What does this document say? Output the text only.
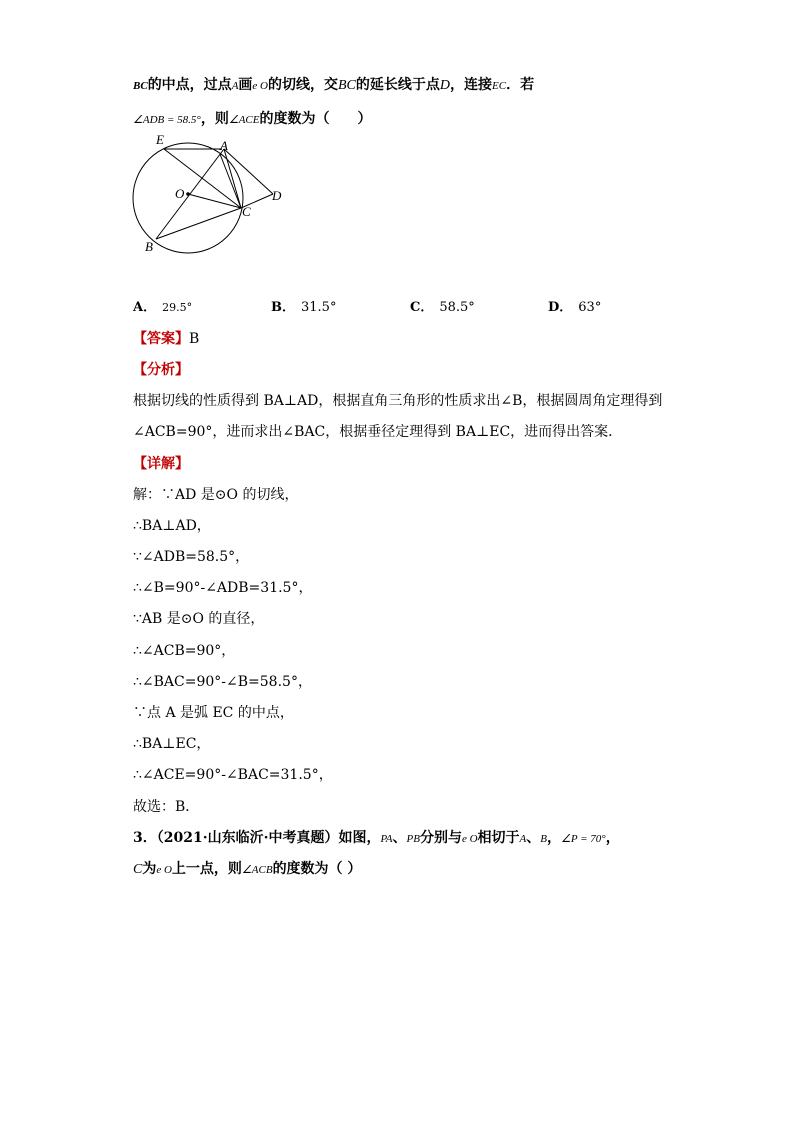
BC的中点，过点A画e O的切线，交BC的延长线于点D，连接EC．若
∠ADB = 58.5°，则∠ACE的度数为（　　）
E	A
O	D
C
B
A． 29.5°	B． 31.5°	C． 58.5°	D． 63°
【答案】B
【分析】
根据切线的性质得到 BA⊥AD，根据直角三角形的性质求出∠B，根据圆周角定理得到
∠ACB=90°，进而求出∠BAC，根据垂径定理得到 BA⊥EC，进而得出答案．
【详解】
解：∵AD 是⊙O 的切线，
∴BA⊥AD，
∵∠ADB=58.5°，
∴∠B=90°-∠ADB=31.5°，
∵AB 是⊙O 的直径，
∴∠ACB=90°，
∴∠BAC=90°-∠B=58.5°，
∵点 A 是弧 EC 的中点，
∴BA⊥EC，
∴∠ACE=90°-∠BAC=31.5°，
故选：B．
3．（2021·山东临沂·中考真题）如图，PA、PB分别与e O相切于A、B，∠P = 70°，
C为e O上一点，则∠ACB的度数为（ ）
